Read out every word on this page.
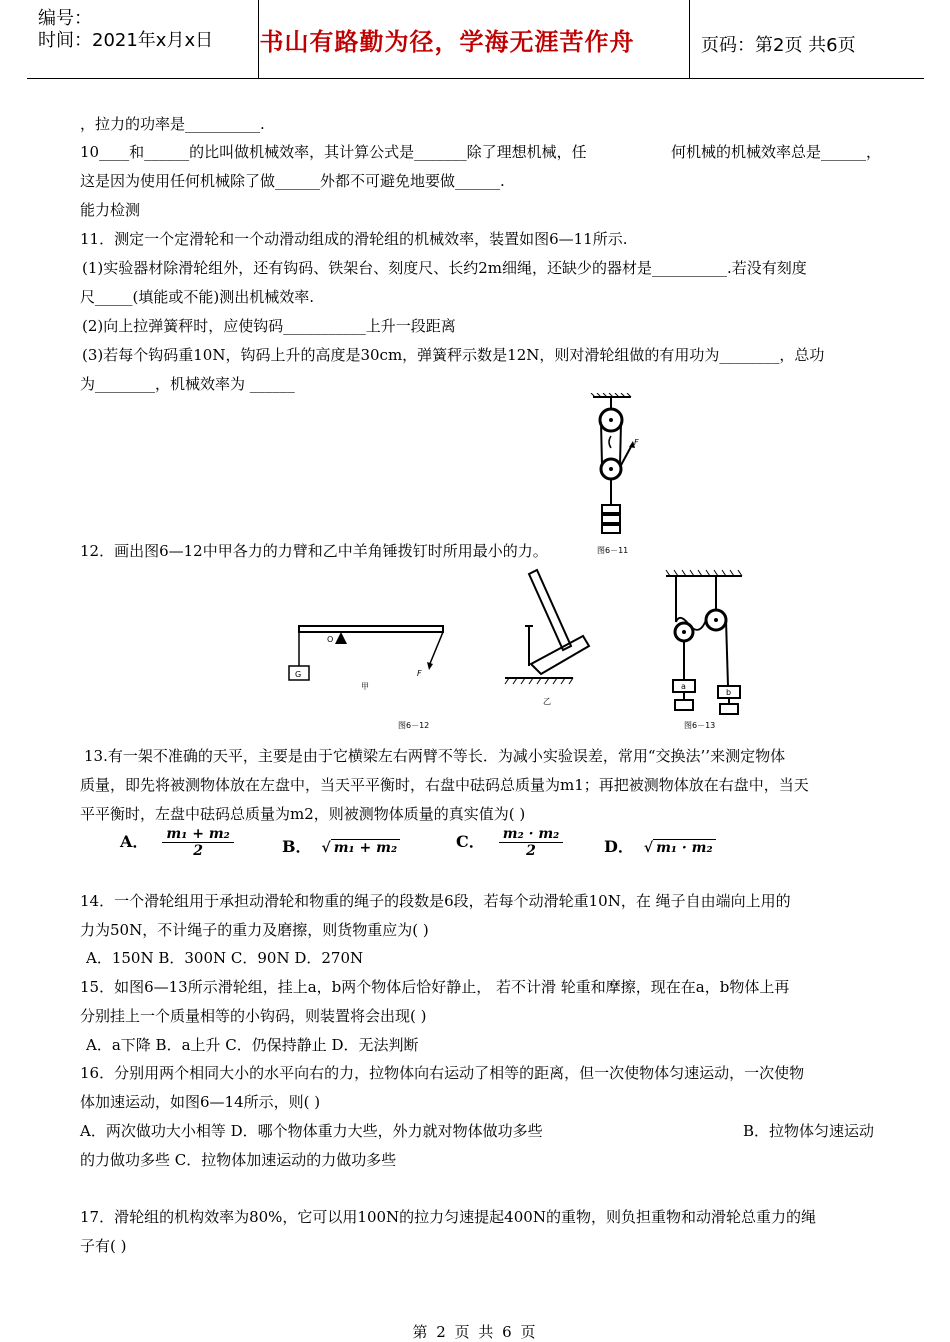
编号：
时间：2021年x月x日	书山有路勤为径，学海无涯苦作舟	页码：第2页 共6页
，拉力的功率是__________.
10____和______的比叫做机械效率，其计算公式是_______除了理想机械，任	何机械的机械效率总是______，
这是因为使用任何机械除了做______外都不可避免地要做______.
能力检测
11．测定一个定滑轮和一个动滑动组成的滑轮组的机械效率，装置如图6—11所示.
(1)实验器材除滑轮组外，还有钩码、铁架台、刻度尺、长约2m细绳，还缺少的器材是__________.若没有刻度
尺_____(填能或不能)测出机械效率.
(2)向上拉弹簧秤时，应使钩码___________上升一段距离
(3)若每个钩码重10N，钩码上升的高度是30cm，弹簧秤示数是12N，则对滑轮组做的有用功为________，总功
为________，机械效率为 ______
F
图6－11
12．画出图6—12中甲各力的力臂和乙中羊角锤拨钉时所用最小的力。
G
O
F
甲
乙
图6－12
a
b
图6－13
13.有一架不准确的天平，主要是由于它横梁左右两臂不等长．为减小实验误差，常用“交换法’’来测定物体
质量，即先将被测物体放在左盘中，当天平平衡时，右盘中砝码总质量为m1；再把被测物体放在右盘中，当天
平平衡时，左盘中砝码总质量为m2，则被测物体质量的真实值为( )
A． $\frac{\text{m₁ + m₂}}{2}$	B． √ m₁ + m₂	C． $\frac{\text{m₂ · m₂}}{2}$	D． √ m₁ · m₂
14．一个滑轮组用于承担动滑轮和物重的绳子的段数是6段，若每个动滑轮重10N，在 绳子自由端向上用的
力为50N，不计绳子的重力及磨擦，则货物重应为( )
A．150N B．300N C．90N D．270N
15．如图6—13所示滑轮组，挂上a，b两个物体后恰好静止， 若不计滑 轮重和摩擦，现在在a，b物体上再
分别挂上一个质量相等的小钩码，则装置将会出现( )
A．a下降 B．a上升 C．仍保持静止 D．无法判断
16．分别用两个相同大小的水平向右的力，拉物体向右运动了相等的距离，但一次使物体匀速运动，一次使物
体加速运动，如图6—14所示，则( )
A．两次做功大小相等 D．哪个物体重力大些，外力就对物体做功多些	B．拉物体匀速运动
的力做功多些 C．拉物体加速运动的力做功多些
17．滑轮组的机构效率为80%，它可以用100N的拉力匀速提起400N的重物，则负担重物和动滑轮总重力的绳
子有( )
第 2 页 共 6 页
